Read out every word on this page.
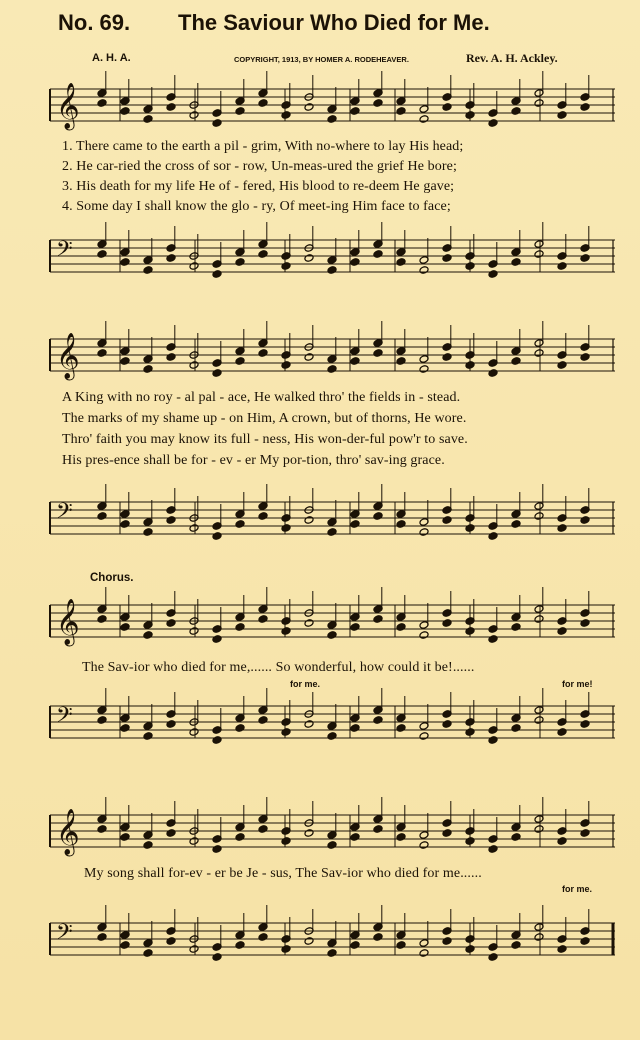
No. 69. The Saviour Who Died for Me.
A. H. A.	COPYRIGHT, 1913, BY HOMER A. RODEHEAVER.	Rev. A. H. Ackley.
𝄞
1. There came to the earth a pil - grim, With no-where to lay His head;
2. He car-ried the cross of sor - row, Un-meas-ured the grief He bore;
3. His death for my life He of - fered, His blood to re-deem He gave;
4. Some day I shall know the glo - ry, Of meet-ing Him face to face;
𝄢
𝄞
A King with no roy - al pal - ace, He walked thro' the fields in - stead.
The marks of my shame up - on Him, A crown, but of thorns, He wore.
Thro' faith you may know its full - ness, His won-der-ful pow'r to save.
His pres-ence shall be for - ev - er My por-tion, thro' sav-ing grace.
𝄢
Chorus.
𝄞
The Sav-ior who died for me,...... So wonderful, how could it be!......
for me.	for me!
𝄢
𝄞
My song shall for-ev - er be Je - sus, The Sav-ior who died for me......
for me.
𝄢
